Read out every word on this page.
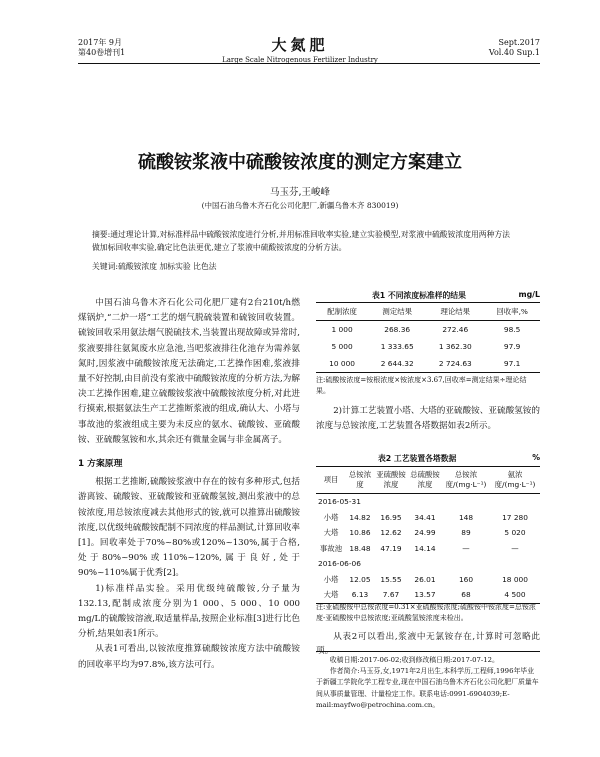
2017年 9月
第40卷增刊1	大氮肥
Large Scale Nitrogenous Fertilizer Industry
Sept.2017
Vol.40 Sup.1
硫酸铵浆液中硫酸铵浓度的测定方案建立
马玉芬,王峻峰
(中国石油乌鲁木齐石化公司化肥厂,新疆乌鲁木齐 830019)
摘要:通过理论计算,对标准样品中硫酸铵浓度进行分析,并用标准回收率实验,建立实验模型,对浆液中硫酸铵浓度用两种方法做加标回收率实验,确定比色法更优,建立了浆液中硫酸铵浓度的分析方法。
关键词:硫酸铵浓度 加标实验 比色法

中国石油乌鲁木齐石化公司化肥厂建有2台210t/h燃煤锅炉,“二炉一塔”工艺的烟气脱硫装置和硫铵回收装置。硫铵回收采用氨法烟气脱硫技术,当装置出现故障或异常时,浆液要排往氨氮废水应急池,当吧浆液排往化池存为需养氨氮时,因浆液中硫酸铵浓度无法确定,工艺操作困难,浆液排量不好控制,由目前没有浆液中硫酸铵浓度的分析方法,为解决工艺操作困难,建立硫酸铵浆液中硫酸铵浓度分析,对此进行摸索,根据氨法生产工艺推断浆液的组成,确认大、小塔与事故池的浆液组成主要为未反应的氨水、硫酸铵、亚硫酸铵、亚硫酸氢铵和水,其余还有微量金属与非金属离子。

1 方案原理

根据工艺推断,硫酸铵浆液中存在的铵有多种形式,包括游离铵、硫酸铵、亚硫酸铵和亚硫酸氢铵,测出浆液中的总铵浓度,用总铵浓度减去其他形式的铵,就可以推算出硫酸铵浓度,以优级纯硫酸铵配制不同浓度的样品测试,计算回收率[1]。回收率处于70%~80%或120%~130%,属于合格,处于80%~90%或110%~120%,属于良好,处于90%~110%属于优秀[2]。

1)标准样品实验。采用优级纯硫酸铵,分子量为132.13,配制成浓度分别为1 000、5 000、10 000 mg/L的硫酸铵溶液,取适量样品,按照企业标准[3]进行比色分析,结果如表1所示。

从表1可看出,以铵浓度推算硫酸铵浓度方法中硫酸铵的回收率平均为97.8%,该方法可行。

表1 不同浓度标准样的结果	mg/L
配制浓度	测定结果	理论结果	回收率,%
1 000	268.36	272.46	98.5
5 000	1 333.65	1 362.30	97.9
10 000	2 644.32	2 724.63	97.1
注:硫酸铵浓度=铵根浓度×铵浓度×3.67,回收率=测定结果÷理论结果。

2)计算工艺装置小塔、大塔的亚硫酸铵、亚硫酸氢铵的浓度与总铵浓度,工艺装置各塔数据如表2所示。

表2 工艺装置各塔数据	%
项目	总铵浓度	亚硫酸铵浓度	总硫酸铵浓度	总铵浓度/(mg·L⁻¹)	氨浓度/(mg·L⁻¹)
2016-05-31					
小塔	14.82	16.95	34.41	148	17 280
大塔	10.86	12.62	24.99	89	5 020
事故池	18.48	47.19	14.14	—	—
2016-06-06					
小塔	12.05	15.55	26.01	160	18 000
大塔	6.13	7.67	13.57	68	4 500
注:亚硫酸铵中总铵浓度=0.31×亚硫酸铵浓度;硫酸铵中铵浓度=总铵浓度-亚硫酸铵中总铵浓度;亚硫酸氢铵浓度未检出。

从表2可以看出,浆液中无氯铵存在,计算时可忽略此项。

收稿日期:2017-06-02;收到修改稿日期:2017-07-12。
作者简介:马玉芬,女,1971年2月出生,本科学历,工程师,1996年毕业于新疆工学院化学工程专业,现在中国石油乌鲁木齐石化公司化肥厂质量车间从事质量管理、计量检定工作。联系电话:0991-6904039;E-mail:mayfwo@petrochina.com.cn。
